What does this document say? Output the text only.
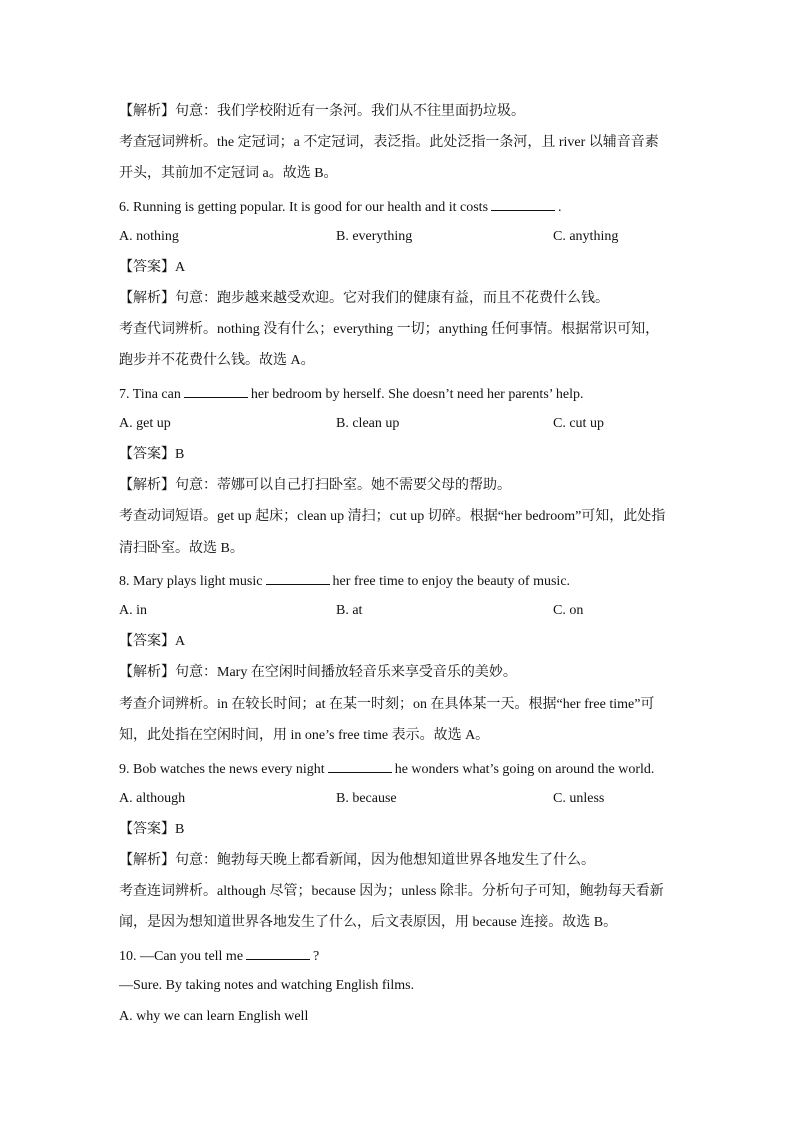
【解析】句意：我们学校附近有一条河。我们从不往里面扔垃圾。
考查冠词辨析。the 定冠词；a 不定冠词，表泛指。此处泛指一条河，且 river 以辅音音素
开头，其前加不定冠词 a。故选 B。
6. Running is getting popular. It is good for our health and it costs	.
A. nothing	B. everything	C. anything
【答案】A
【解析】句意：跑步越来越受欢迎。它对我们的健康有益，而且不花费什么钱。
考查代词辨析。nothing 没有什么；everything 一切；anything 任何事情。根据常识可知，
跑步并不花费什么钱。故选 A。
7. Tina can	her bedroom by herself. She doesn’t need her parents’ help.
A. get up	B. clean up	C. cut up
【答案】B
【解析】句意：蒂娜可以自己打扫卧室。她不需要父母的帮助。
考查动词短语。get up 起床；clean up 清扫；cut up 切碎。根据“her bedroom”可知，此处指
清扫卧室。故选 B。
8. Mary plays light music	her free time to enjoy the beauty of music.
A. in	B. at	C. on
【答案】A
【解析】句意：Mary 在空闲时间播放轻音乐来享受音乐的美妙。
考查介词辨析。in 在较长时间；at 在某一时刻；on 在具体某一天。根据“her free time”可
知，此处指在空闲时间，用 in one’s free time 表示。故选 A。
9. Bob watches the news every night	he wonders what’s going on around the world.
A. although	B. because	C. unless
【答案】B
【解析】句意：鲍勃每天晚上都看新闻，因为他想知道世界各地发生了什么。
考查连词辨析。although 尽管；because 因为；unless 除非。分析句子可知，鲍勃每天看新
闻，是因为想知道世界各地发生了什么，后文表原因，用 because 连接。故选 B。
10. —Can you tell me	?
—Sure. By taking notes and watching English films.
A. why we can learn English well
